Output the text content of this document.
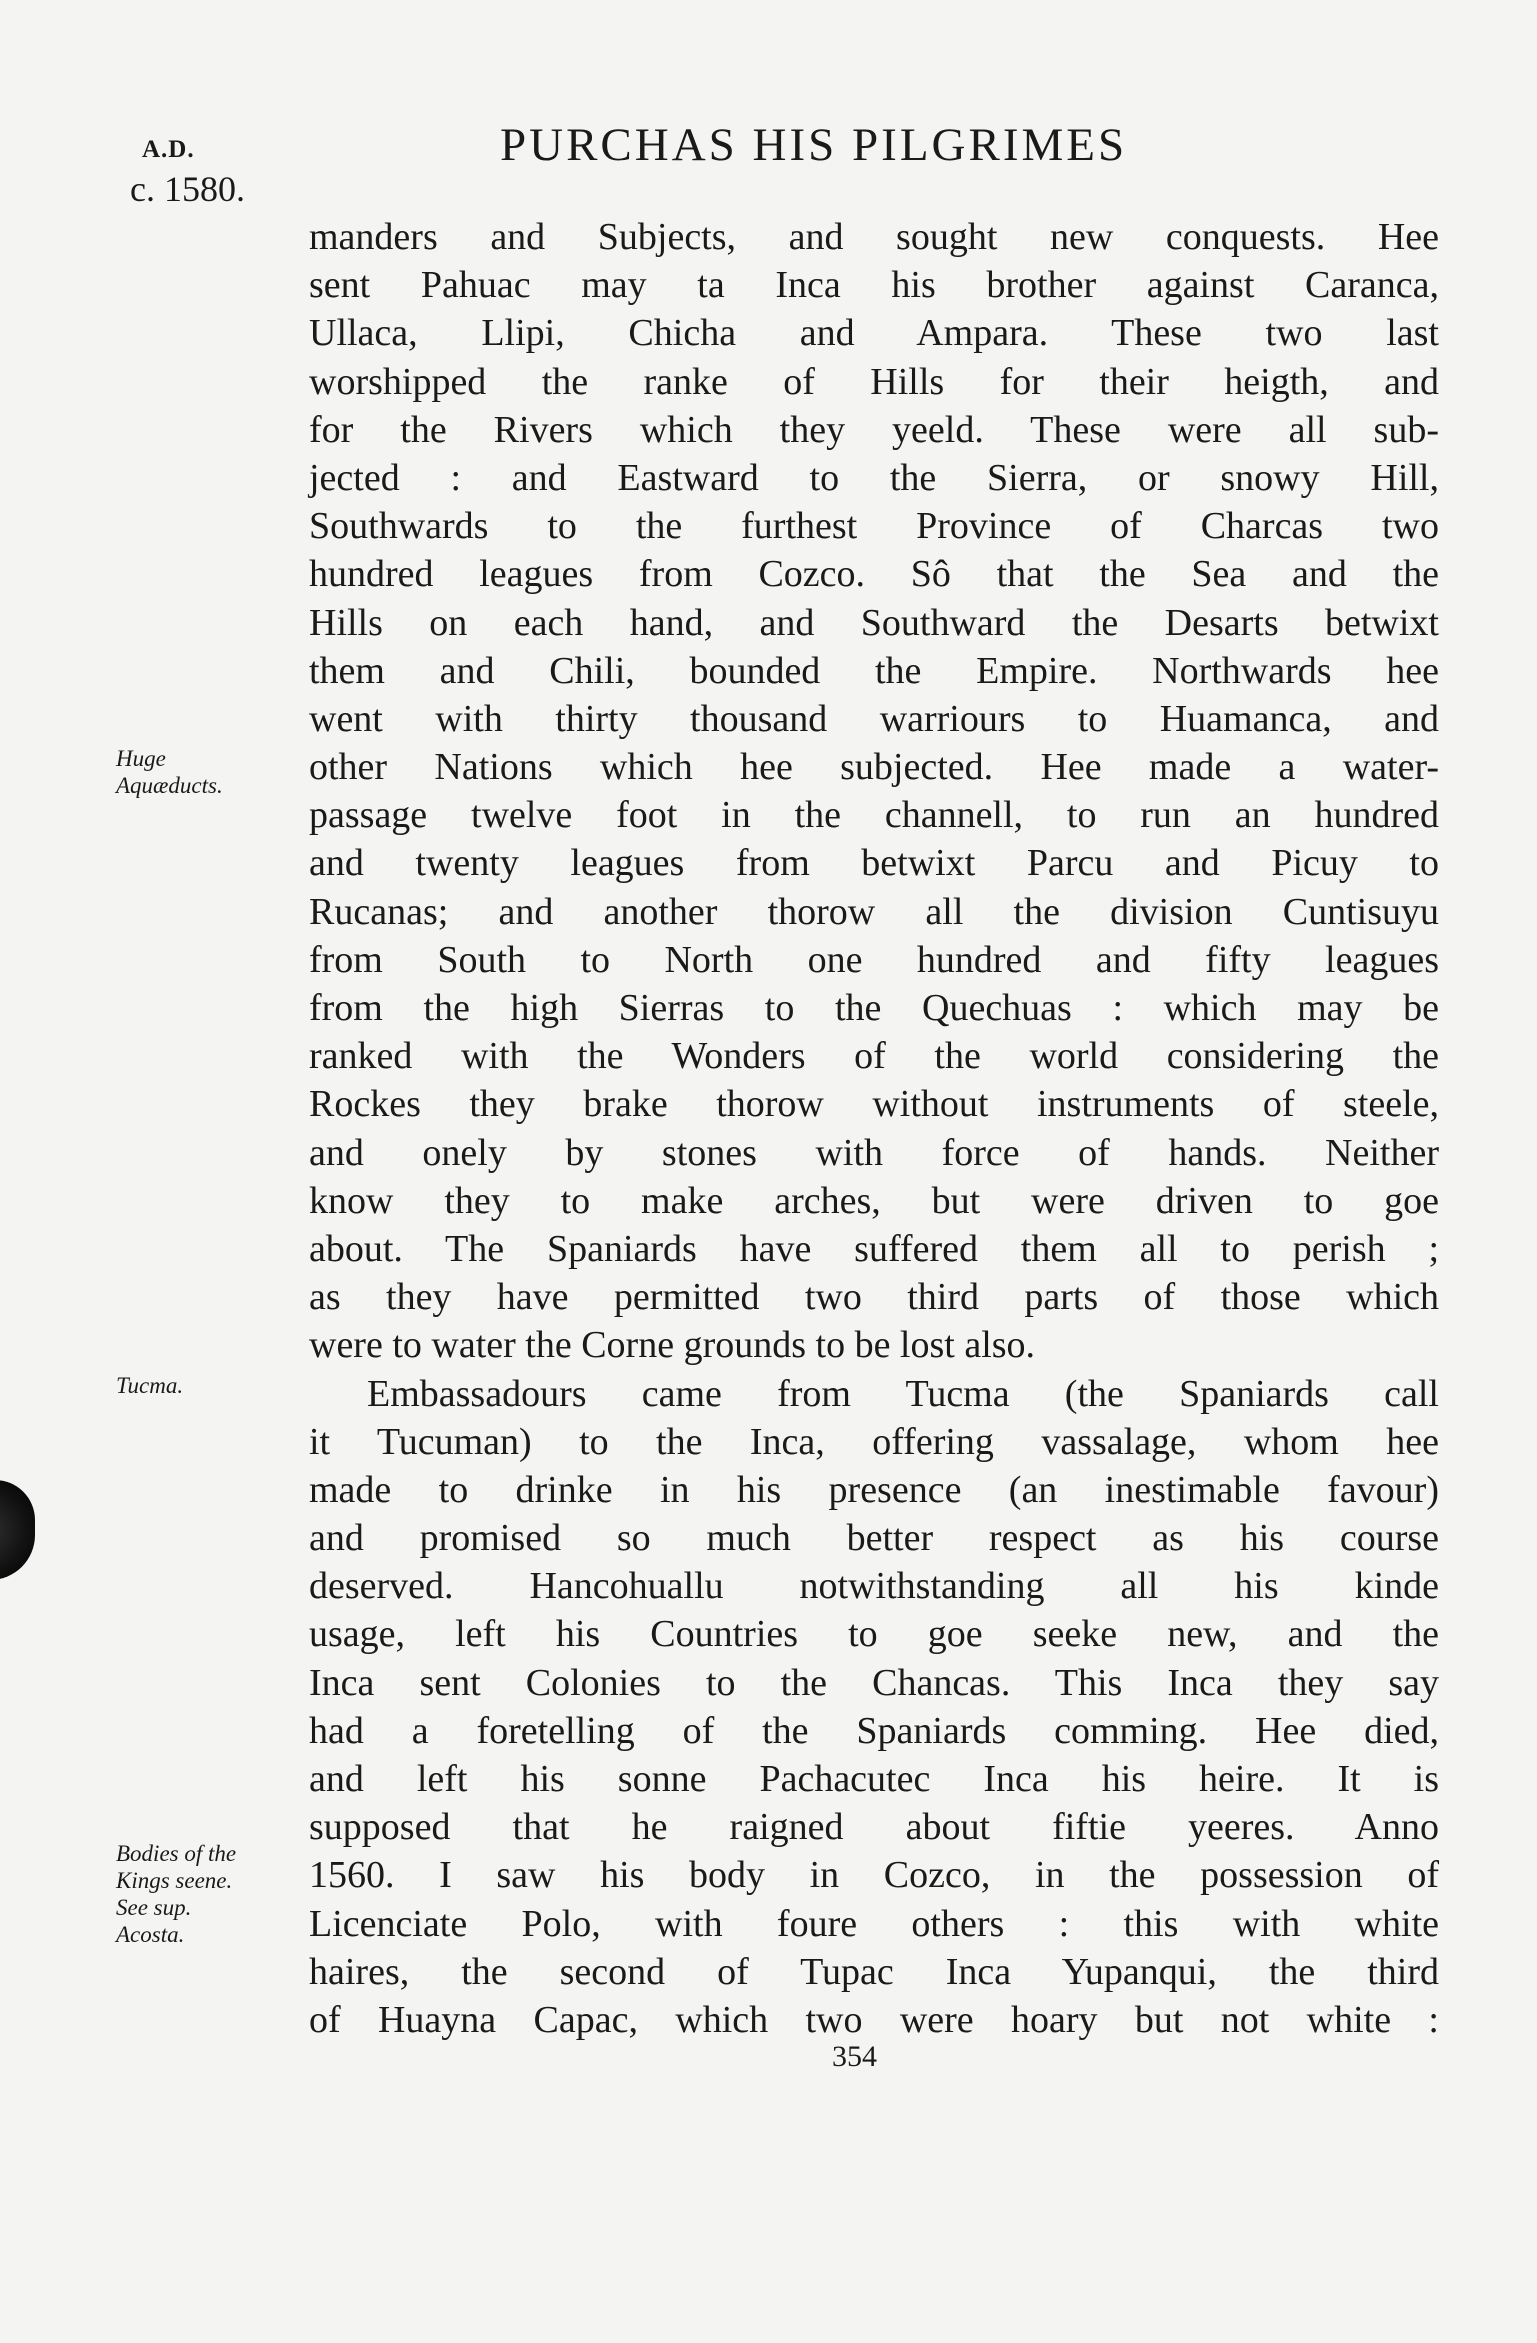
A.D.
c. 1580.
PURCHAS HIS PILGRIMES
manders and Subjects, and sought new conquests. Hee
sent Pahuac may ta Inca his brother against Caranca,
Ullaca, Llipi, Chicha and Ampara. These two last
worshipped the ranke of Hills for their heigth, and
for the Rivers which they yeeld. These were all sub-
jected : and Eastward to the Sierra, or snowy Hill,
Southwards to the furthest Province of Charcas two
hundred leagues from Cozco. Sô that the Sea and the
Hills on each hand, and Southward the Desarts betwixt
them and Chili, bounded the Empire. Northwards hee
went with thirty thousand warriours to Huamanca, and
other Nations which hee subjected. Hee made a water-
passage twelve foot in the channell, to run an hundred
and twenty leagues from betwixt Parcu and Picuy to
Rucanas; and another thorow all the division Cuntisuyu
from South to North one hundred and fifty leagues
from the high Sierras to the Quechuas : which may be
ranked with the Wonders of the world considering the
Rockes they brake thorow without instruments of steele,
and onely by stones with force of hands. Neither
know they to make arches, but were driven to goe
about. The Spaniards have suffered them all to perish ;
as they have permitted two third parts of those which
were to water the Corne grounds to be lost also.
Embassadours came from Tucma (the Spaniards call
it Tucuman) to the Inca, offering vassalage, whom hee
made to drinke in his presence (an inestimable favour)
and promised so much better respect as his course
deserved. Hancohuallu notwithstanding all his kinde
usage, left his Countries to goe seeke new, and the
Inca sent Colonies to the Chancas. This Inca they say
had a foretelling of the Spaniards comming. Hee died,
and left his sonne Pachacutec Inca his heire. It is
supposed that he raigned about fiftie yeeres. Anno
1560. I saw his body in Cozco, in the possession of
Licenciate Polo, with foure others : this with white
haires, the second of Tupac Inca Yupanqui, the third
of Huayna Capac, which two were hoary but not white :
Huge
Aquæducts.
Tucma.
Bodies of the
Kings seene.
See sup.
Acosta.
354
